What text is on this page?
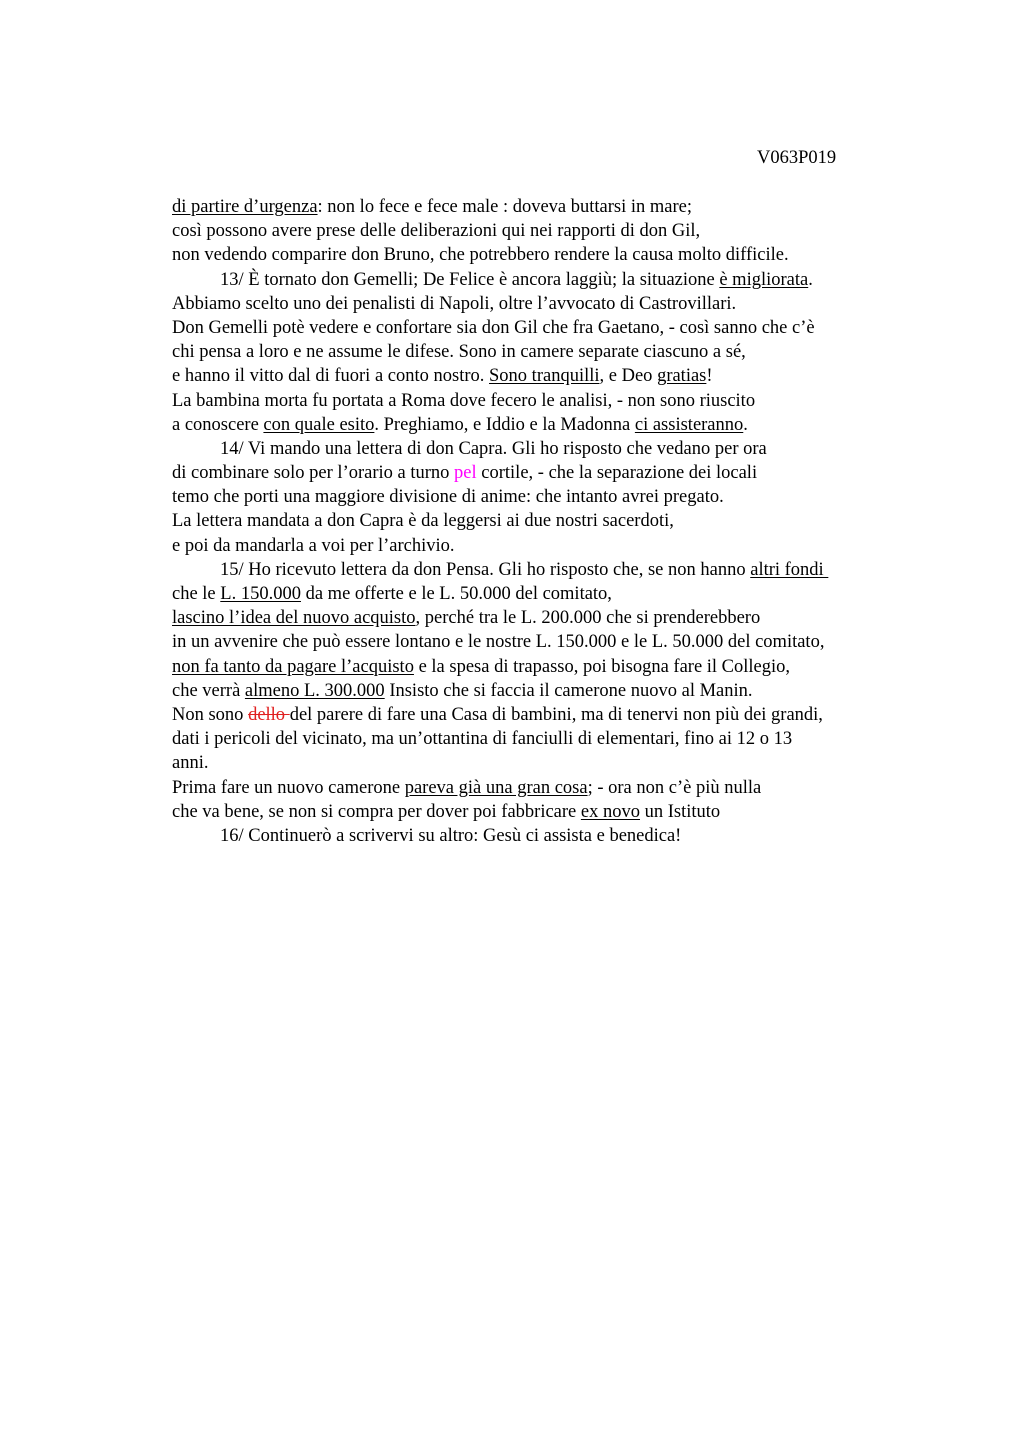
V063P019
di partire d’urgenza: non lo fece e fece male : doveva buttarsi in mare;
così possono avere prese delle deliberazioni qui nei rapporti di don Gil,
non vedendo comparire don Bruno, che potrebbero rendere la causa molto difficile.
13/ È tornato don Gemelli; De Felice è ancora laggiù; la situazione è migliorata.
Abbiamo scelto uno dei penalisti di Napoli, oltre l’avvocato di Castrovillari.
Don Gemelli potè vedere e confortare sia don Gil che fra Gaetano, - così sanno che c’è
chi pensa a loro e ne assume le difese. Sono in camere separate ciascuno a sé,
e hanno il vitto dal di fuori a conto nostro. Sono tranquilli, e Deo gratias!
La bambina morta fu portata a Roma dove fecero le analisi, - non sono riuscito
a conoscere con quale esito. Preghiamo, e Iddio e la Madonna ci assisteranno.
14/ Vi mando una lettera di don Capra. Gli ho risposto che vedano per ora
di combinare solo per l’orario a turno pel cortile, - che la separazione dei locali
temo che porti una maggiore divisione di anime: che intanto avrei pregato.
La lettera mandata a don Capra è da leggersi ai due nostri sacerdoti,
e poi da mandarla a voi per l’archivio.
15/ Ho ricevuto lettera da don Pensa. Gli ho risposto che, se non hanno altri fondi
che le L. 150.000 da me offerte e le L. 50.000 del comitato,
lascino l’idea del nuovo acquisto, perché tra le L. 200.000 che si prenderebbero
in un avvenire che può essere lontano e le nostre L. 150.000 e le L. 50.000 del comitato,
non fa tanto da pagare l’acquisto e la spesa di trapasso, poi bisogna fare il Collegio,
che verrà almeno L. 300.000 Insisto che si faccia il camerone nuovo al Manin.
Non sono dello del parere di fare una Casa di bambini, ma di tenervi non più dei grandi,
dati i pericoli del vicinato, ma un’ottantina di fanciulli di elementari, fino ai 12 o 13
anni.
Prima fare un nuovo camerone pareva già una gran cosa; - ora non c’è più nulla
che va bene, se non si compra per dover poi fabbricare ex novo un Istituto
16/ Continuerò a scrivervi su altro: Gesù ci assista e benedica!
